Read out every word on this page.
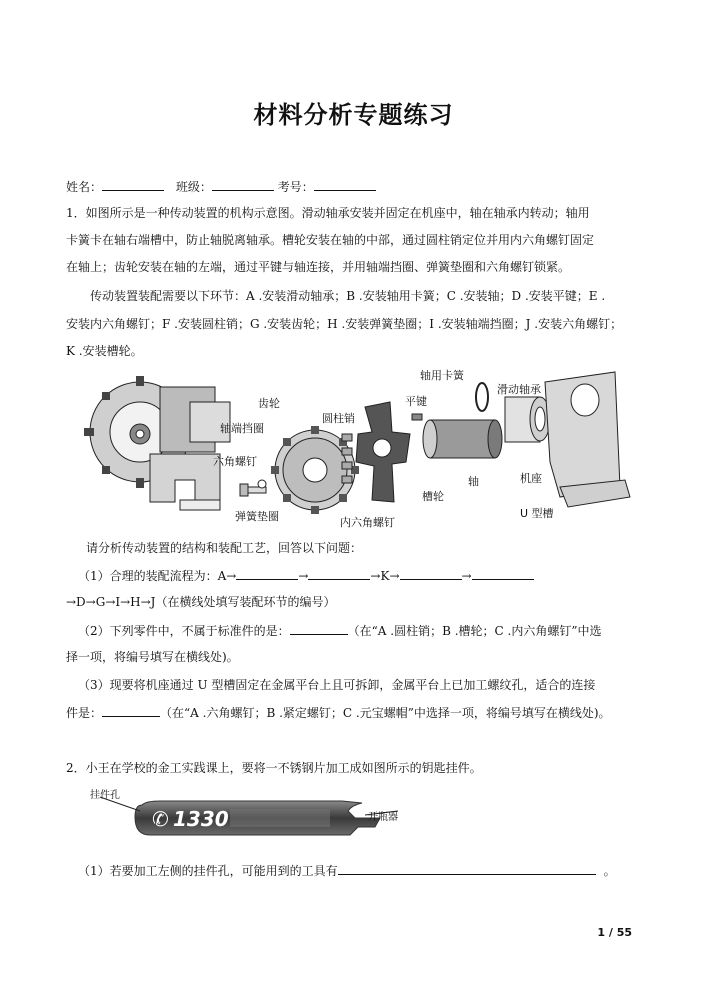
材料分析专题练习
姓名：	班级：	考号：
1．如图所示是一种传动装置的机构示意图。滑动轴承安装并固定在机座中，轴在轴承内转动；轴用
卡簧卡在轴右端槽中，防止轴脱离轴承。槽轮安装在轴的中部，通过圆柱销定位并用内六角螺钉固定
在轴上；齿轮安装在轴的左端，通过平键与轴连接，并用轴端挡圈、弹簧垫圈和六角螺钉锁紧。
传动装置装配需要以下环节：A .安装滑动轴承；B .安装轴用卡簧；C .安装轴；D .安装平键；E .
安装内六角螺钉；F .安装圆柱销；G .安装齿轮；H .安装弹簧垫圈；I .安装轴端挡圈；J .安装六角螺钉；
K .安装槽轮。
齿轮
轴用卡簧
滑动轴承
平键
圆柱销
轴端挡圈
六角螺钉
弹簧垫圈
槽轮
轴	机座
内六角螺钉
U 型槽
请分析传动装置的结构和装配工艺，回答以下问题：
（1）合理的装配流程为：A→	→	→K→	→
→D→G→I→H→J（在横线处填写装配环节的编号）
（2）下列零件中，不属于标准件的是：	（在“A .圆柱销；B .槽轮；C .内六角螺钉”中选
择一项，将编号填写在横线处)。
（3）现要将机座通过 U 型槽固定在金属平台上且可拆卸，金属平台上已加工螺纹孔，适合的连接
件是：	（在“A .六角螺钉；B .紧定螺钉；C .元宝螺帽”中选择一项，将编号填写在横线处)。
2．小王在学校的金工实践课上，要将一不锈钢片加工成如图所示的钥匙挂件。
✆ 1330
挂件孔
开瓶器
（1）若要加工左侧的挂件孔，可能用到的工具有	。
1 / 55
